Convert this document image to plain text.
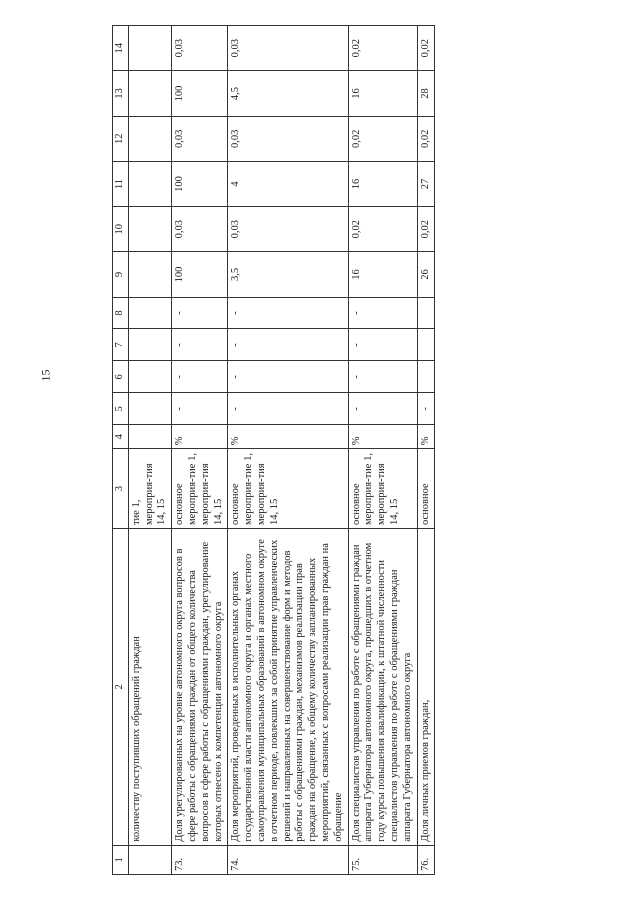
15
1	2	3	4	5	6	7	8	9	10	11	12	13	14
	количеству поступивших обращений граждан	тие 1, мероприя-тия 14, 15											
73.	Доля урегулированных на уровне автономного округа вопросов в сфере работы с обращениями граждан от общего количества вопросов в сфере работы с обращениями граждан, урегулирование которых отнесено к компетенции автономного округа	основное мероприя-тие 1, мероприя-тия 14, 15	%	-	-	-	-	100	0,03	100	0,03	100	0,03
74.	Доля мероприятий, проведенных в исполнительных органах государственной власти автономного округа и органах местного самоуправления муниципальных образований в автономном округе в отчетном периоде, повлекших за собой принятие управленческих решений и направленных на совершенствование форм и методов работы с обращениями граждан, механизмов реализации прав граждан на обращение, к общему количеству запланированных мероприятий, связанных с вопросами реализации прав граждан на обращение	основное мероприя-тие 1, мероприя-тия 14, 15	%	-	-	-	-	3,5	0,03	4	0,03	4,5	0,03
75.	Доля специалистов управления по работе с обращениями граждан аппарата Губернатора автономного округа, прошедших в отчетном году курсы повышения квалификации, к штатной численности специалистов управления по работе с обращениями граждан аппарата Губернатора автономного округа	основное мероприя-тие 1, мероприя-тия 14, 15	%	-	-	-	-	16	0,02	16	0,02	16	0,02
76.	Доля личных приемов граждан,	основное	%	-				26	0,02	27	0,02	28	0,02
